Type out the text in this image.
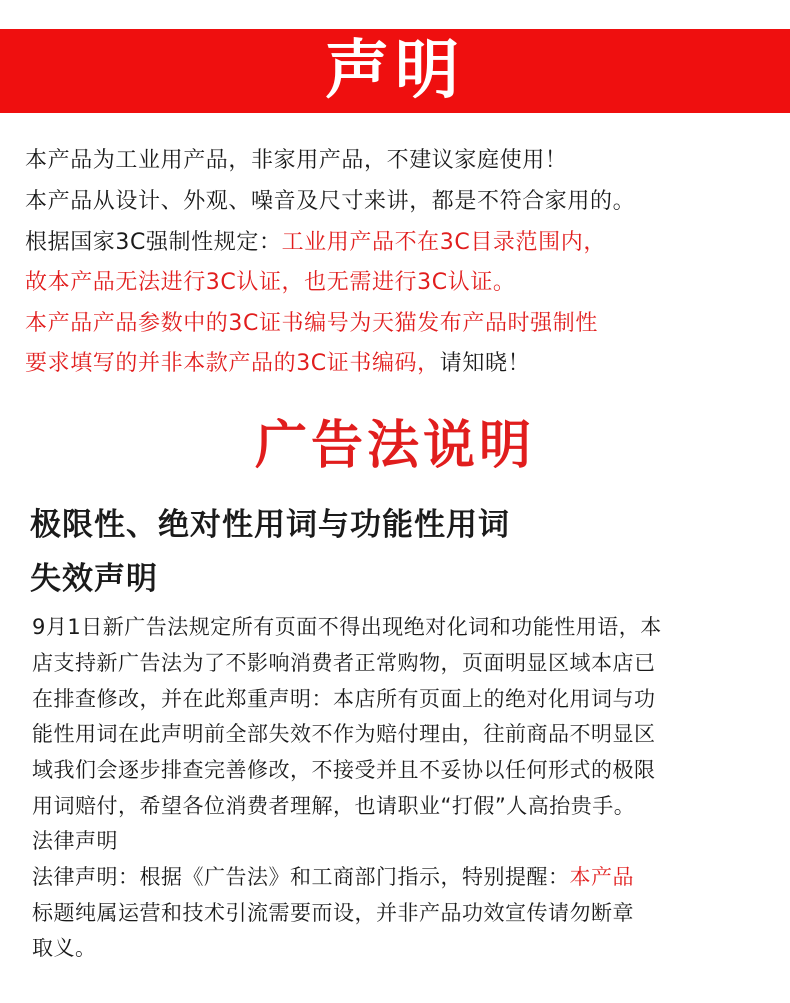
声明
本产品为工业用产品，非家用产品，不建议家庭使用！
本产品从设计、外观、噪音及尺寸来讲，都是不符合家用的。
根据国家3C强制性规定：工业用产品不在3C目录范围内，
故本产品无法进行3C认证，也无需进行3C认证。
本产品产品参数中的3C证书编号为天猫发布产品时强制性
要求填写的并非本款产品的3C证书编码，请知晓！
广告法说明
极限性、绝对性用词与功能性用词
失效声明
9月1日新广告法规定所有页面不得出现绝对化词和功能性用语，本
店支持新广告法为了不影响消费者正常购物，页面明显区域本店已
在排查修改，并在此郑重声明：本店所有页面上的绝对化用词与功
能性用词在此声明前全部失效不作为赔付理由，往前商品不明显区
域我们会逐步排查完善修改，不接受并且不妥协以任何形式的极限
用词赔付，希望各位消费者理解，也请职业“打假”人高抬贵手。
法律声明
法律声明：根据《广告法》和工商部门指示，特别提醒：本产品
标题纯属运营和技术引流需要而设，并非产品功效宣传请勿断章
取义。
